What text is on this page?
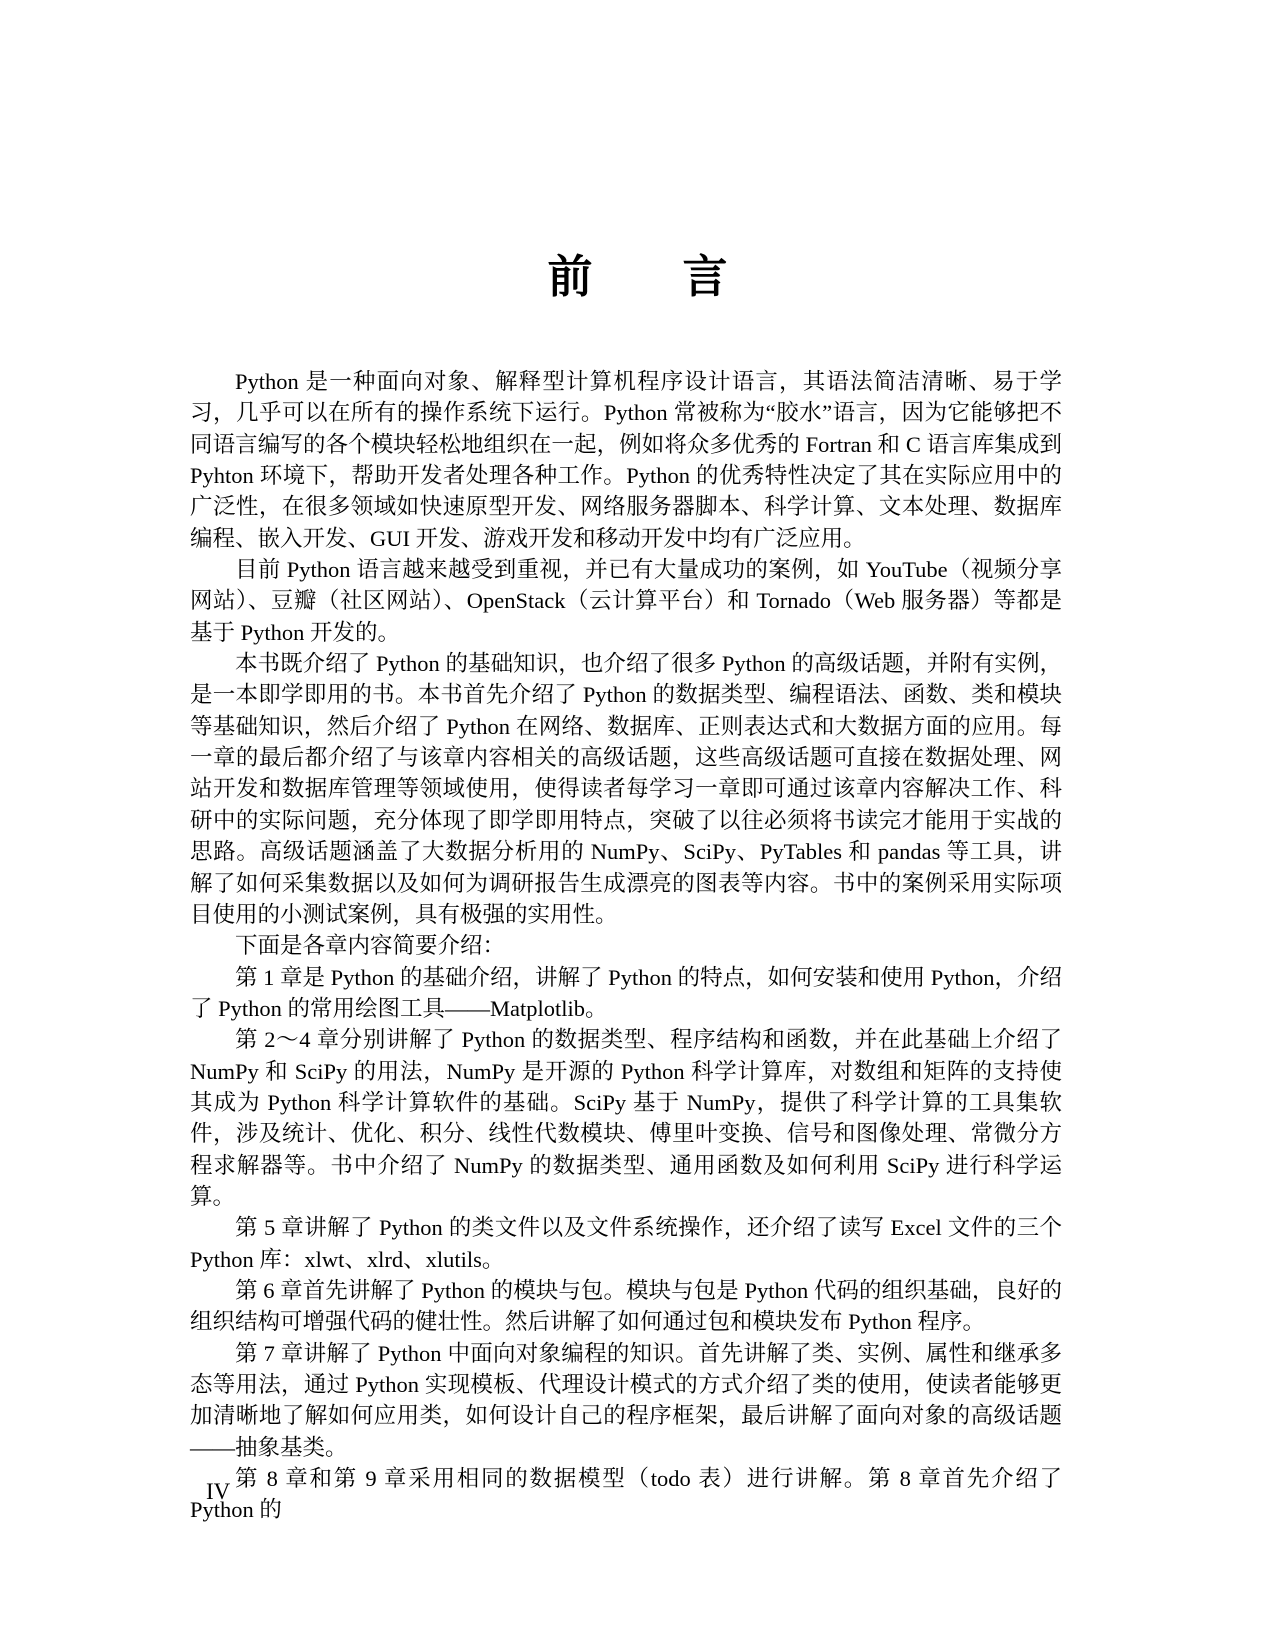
前　　言

Python 是一种面向对象、解释型计算机程序设计语言，其语法简洁清晰、易于学习，几乎可以在所有的操作系统下运行。Python 常被称为“胶水”语言，因为它能够把不同语言编写的各个模块轻松地组织在一起，例如将众多优秀的 Fortran 和 C 语言库集成到 Pyhton 环境下，帮助开发者处理各种工作。Python 的优秀特性决定了其在实际应用中的广泛性，在很多领域如快速原型开发、网络服务器脚本、科学计算、文本处理、数据库编程、嵌入开发、GUI 开发、游戏开发和移动开发中均有广泛应用。

目前 Python 语言越来越受到重视，并已有大量成功的案例，如 YouTube（视频分享网站）、豆瓣（社区网站）、OpenStack（云计算平台）和 Tornado（Web 服务器）等都是基于 Python 开发的。

本书既介绍了 Python 的基础知识，也介绍了很多 Python 的高级话题，并附有实例，是一本即学即用的书。本书首先介绍了 Python 的数据类型、编程语法、函数、类和模块等基础知识，然后介绍了 Python 在网络、数据库、正则表达式和大数据方面的应用。每一章的最后都介绍了与该章内容相关的高级话题，这些高级话题可直接在数据处理、网站开发和数据库管理等领域使用，使得读者每学习一章即可通过该章内容解决工作、科研中的实际问题，充分体现了即学即用特点，突破了以往必须将书读完才能用于实战的思路。高级话题涵盖了大数据分析用的 NumPy、SciPy、PyTables 和 pandas 等工具，讲解了如何采集数据以及如何为调研报告生成漂亮的图表等内容。书中的案例采用实际项目使用的小测试案例，具有极强的实用性。

下面是各章内容简要介绍：

第 1 章是 Python 的基础介绍，讲解了 Python 的特点，如何安装和使用 Python，介绍了 Python 的常用绘图工具——Matplotlib。

第 2～4 章分别讲解了 Python 的数据类型、程序结构和函数，并在此基础上介绍了 NumPy 和 SciPy 的用法，NumPy 是开源的 Python 科学计算库，对数组和矩阵的支持使其成为 Python 科学计算软件的基础。SciPy 基于 NumPy，提供了科学计算的工具集软件，涉及统计、优化、积分、线性代数模块、傅里叶变换、信号和图像处理、常微分方程求解器等。书中介绍了 NumPy 的数据类型、通用函数及如何利用 SciPy 进行科学运算。

第 5 章讲解了 Python 的类文件以及文件系统操作，还介绍了读写 Excel 文件的三个 Python 库：xlwt、xlrd、xlutils。

第 6 章首先讲解了 Python 的模块与包。模块与包是 Python 代码的组织基础，良好的组织结构可增强代码的健壮性。然后讲解了如何通过包和模块发布 Python 程序。

第 7 章讲解了 Python 中面向对象编程的知识。首先讲解了类、实例、属性和继承多态等用法，通过 Python 实现模板、代理设计模式的方式介绍了类的使用，使读者能够更加清晰地了解如何应用类，如何设计自己的程序框架，最后讲解了面向对象的高级话题——抽象基类。

第 8 章和第 9 章采用相同的数据模型（todo 表）进行讲解。第 8 章首先介绍了 Python 的

IV
